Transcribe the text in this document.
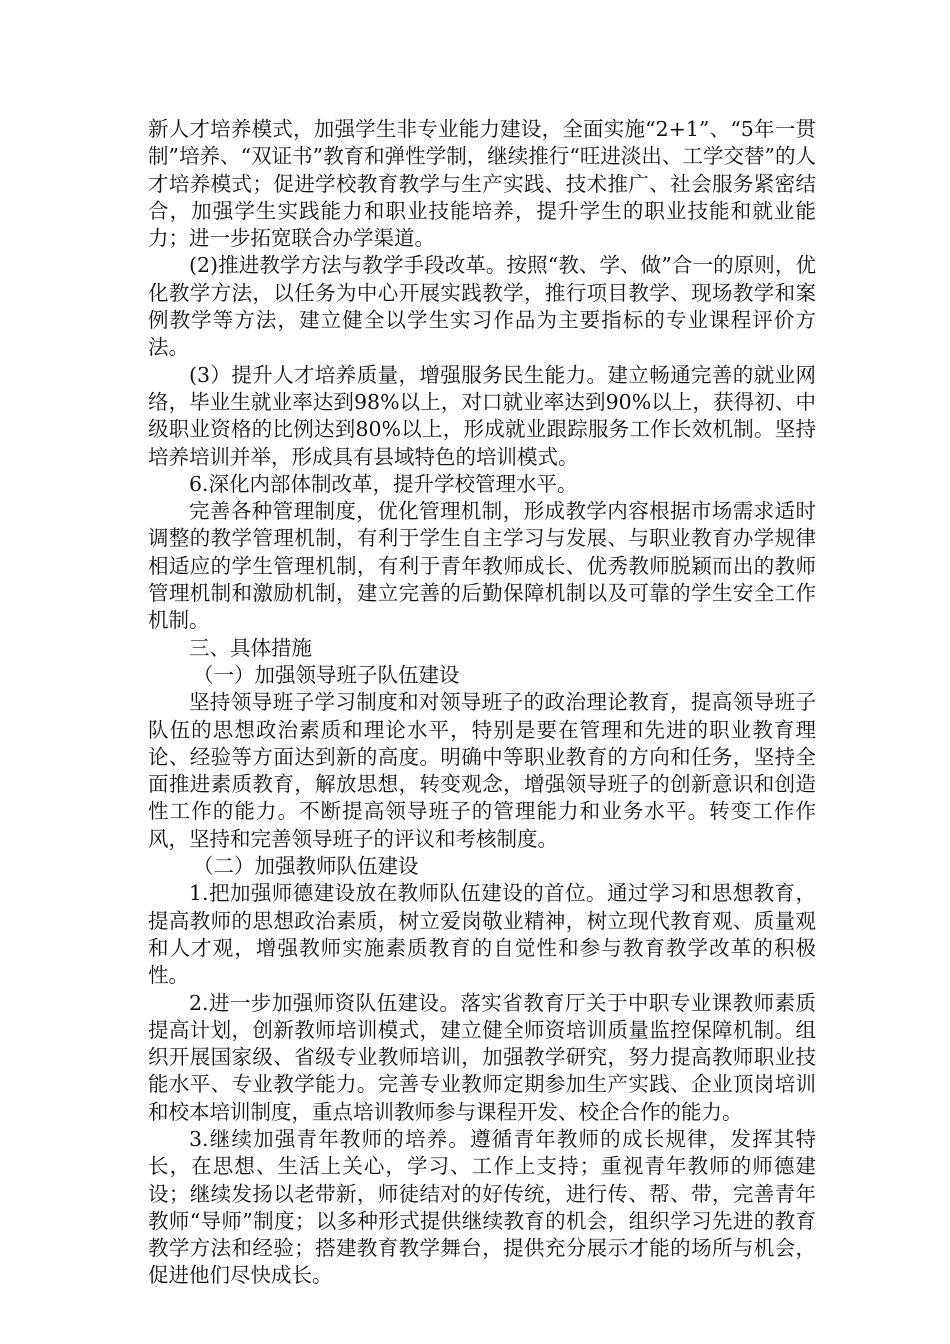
新人才培养模式，加强学生非专业能力建设，全面实施“2+1”、“5年一贯制”培养、“双证书”教育和弹性学制，继续推行“旺进淡出、工学交替”的人才培养模式；促进学校教育教学与生产实践、技术推广、社会服务紧密结合，加强学生实践能力和职业技能培养，提升学生的职业技能和就业能力；进一步拓宽联合办学渠道。

(2)推进教学方法与教学手段改革。按照“教、学、做”合一的原则，优化教学方法，以任务为中心开展实践教学，推行项目教学、现场教学和案例教学等方法，建立健全以学生实习作品为主要指标的专业课程评价方法。

(3）提升人才培养质量，增强服务民生能力。建立畅通完善的就业网络，毕业生就业率达到98%以上，对口就业率达到90%以上，获得初、中级职业资格的比例达到80%以上，形成就业跟踪服务工作长效机制。坚持培养培训并举，形成具有县域特色的培训模式。

6.深化内部体制改革，提升学校管理水平。

完善各种管理制度，优化管理机制，形成教学内容根据市场需求适时调整的教学管理机制，有利于学生自主学习与发展、与职业教育办学规律相适应的学生管理机制，有利于青年教师成长、优秀教师脱颖而出的教师管理机制和激励机制，建立完善的后勤保障机制以及可靠的学生安全工作机制。

三、具体措施

（一）加强领导班子队伍建设

坚持领导班子学习制度和对领导班子的政治理论教育，提高领导班子队伍的思想政治素质和理论水平，特别是要在管理和先进的职业教育理论、经验等方面达到新的高度。明确中等职业教育的方向和任务，坚持全面推进素质教育，解放思想，转变观念，增强领导班子的创新意识和创造性工作的能力。不断提高领导班子的管理能力和业务水平。转变工作作风，坚持和完善领导班子的评议和考核制度。

（二）加强教师队伍建设

1.把加强师德建设放在教师队伍建设的首位。通过学习和思想教育，提高教师的思想政治素质，树立爱岗敬业精神，树立现代教育观、质量观和人才观，增强教师实施素质教育的自觉性和参与教育教学改革的积极性。

2.进一步加强师资队伍建设。落实省教育厅关于中职专业课教师素质提高计划，创新教师培训模式，建立健全师资培训质量监控保障机制。组织开展国家级、省级专业教师培训，加强教学研究，努力提高教师职业技能水平、专业教学能力。完善专业教师定期参加生产实践、企业顶岗培训和校本培训制度，重点培训教师参与课程开发、校企合作的能力。

3.继续加强青年教师的培养。遵循青年教师的成长规律，发挥其特长，在思想、生活上关心，学习、工作上支持；重视青年教师的师德建设；继续发扬以老带新，师徒结对的好传统，进行传、帮、带，完善青年教师“导师”制度；以多种形式提供继续教育的机会，组织学习先进的教育教学方法和经验；搭建教育教学舞台，提供充分展示才能的场所与机会，促进他们尽快成长。
